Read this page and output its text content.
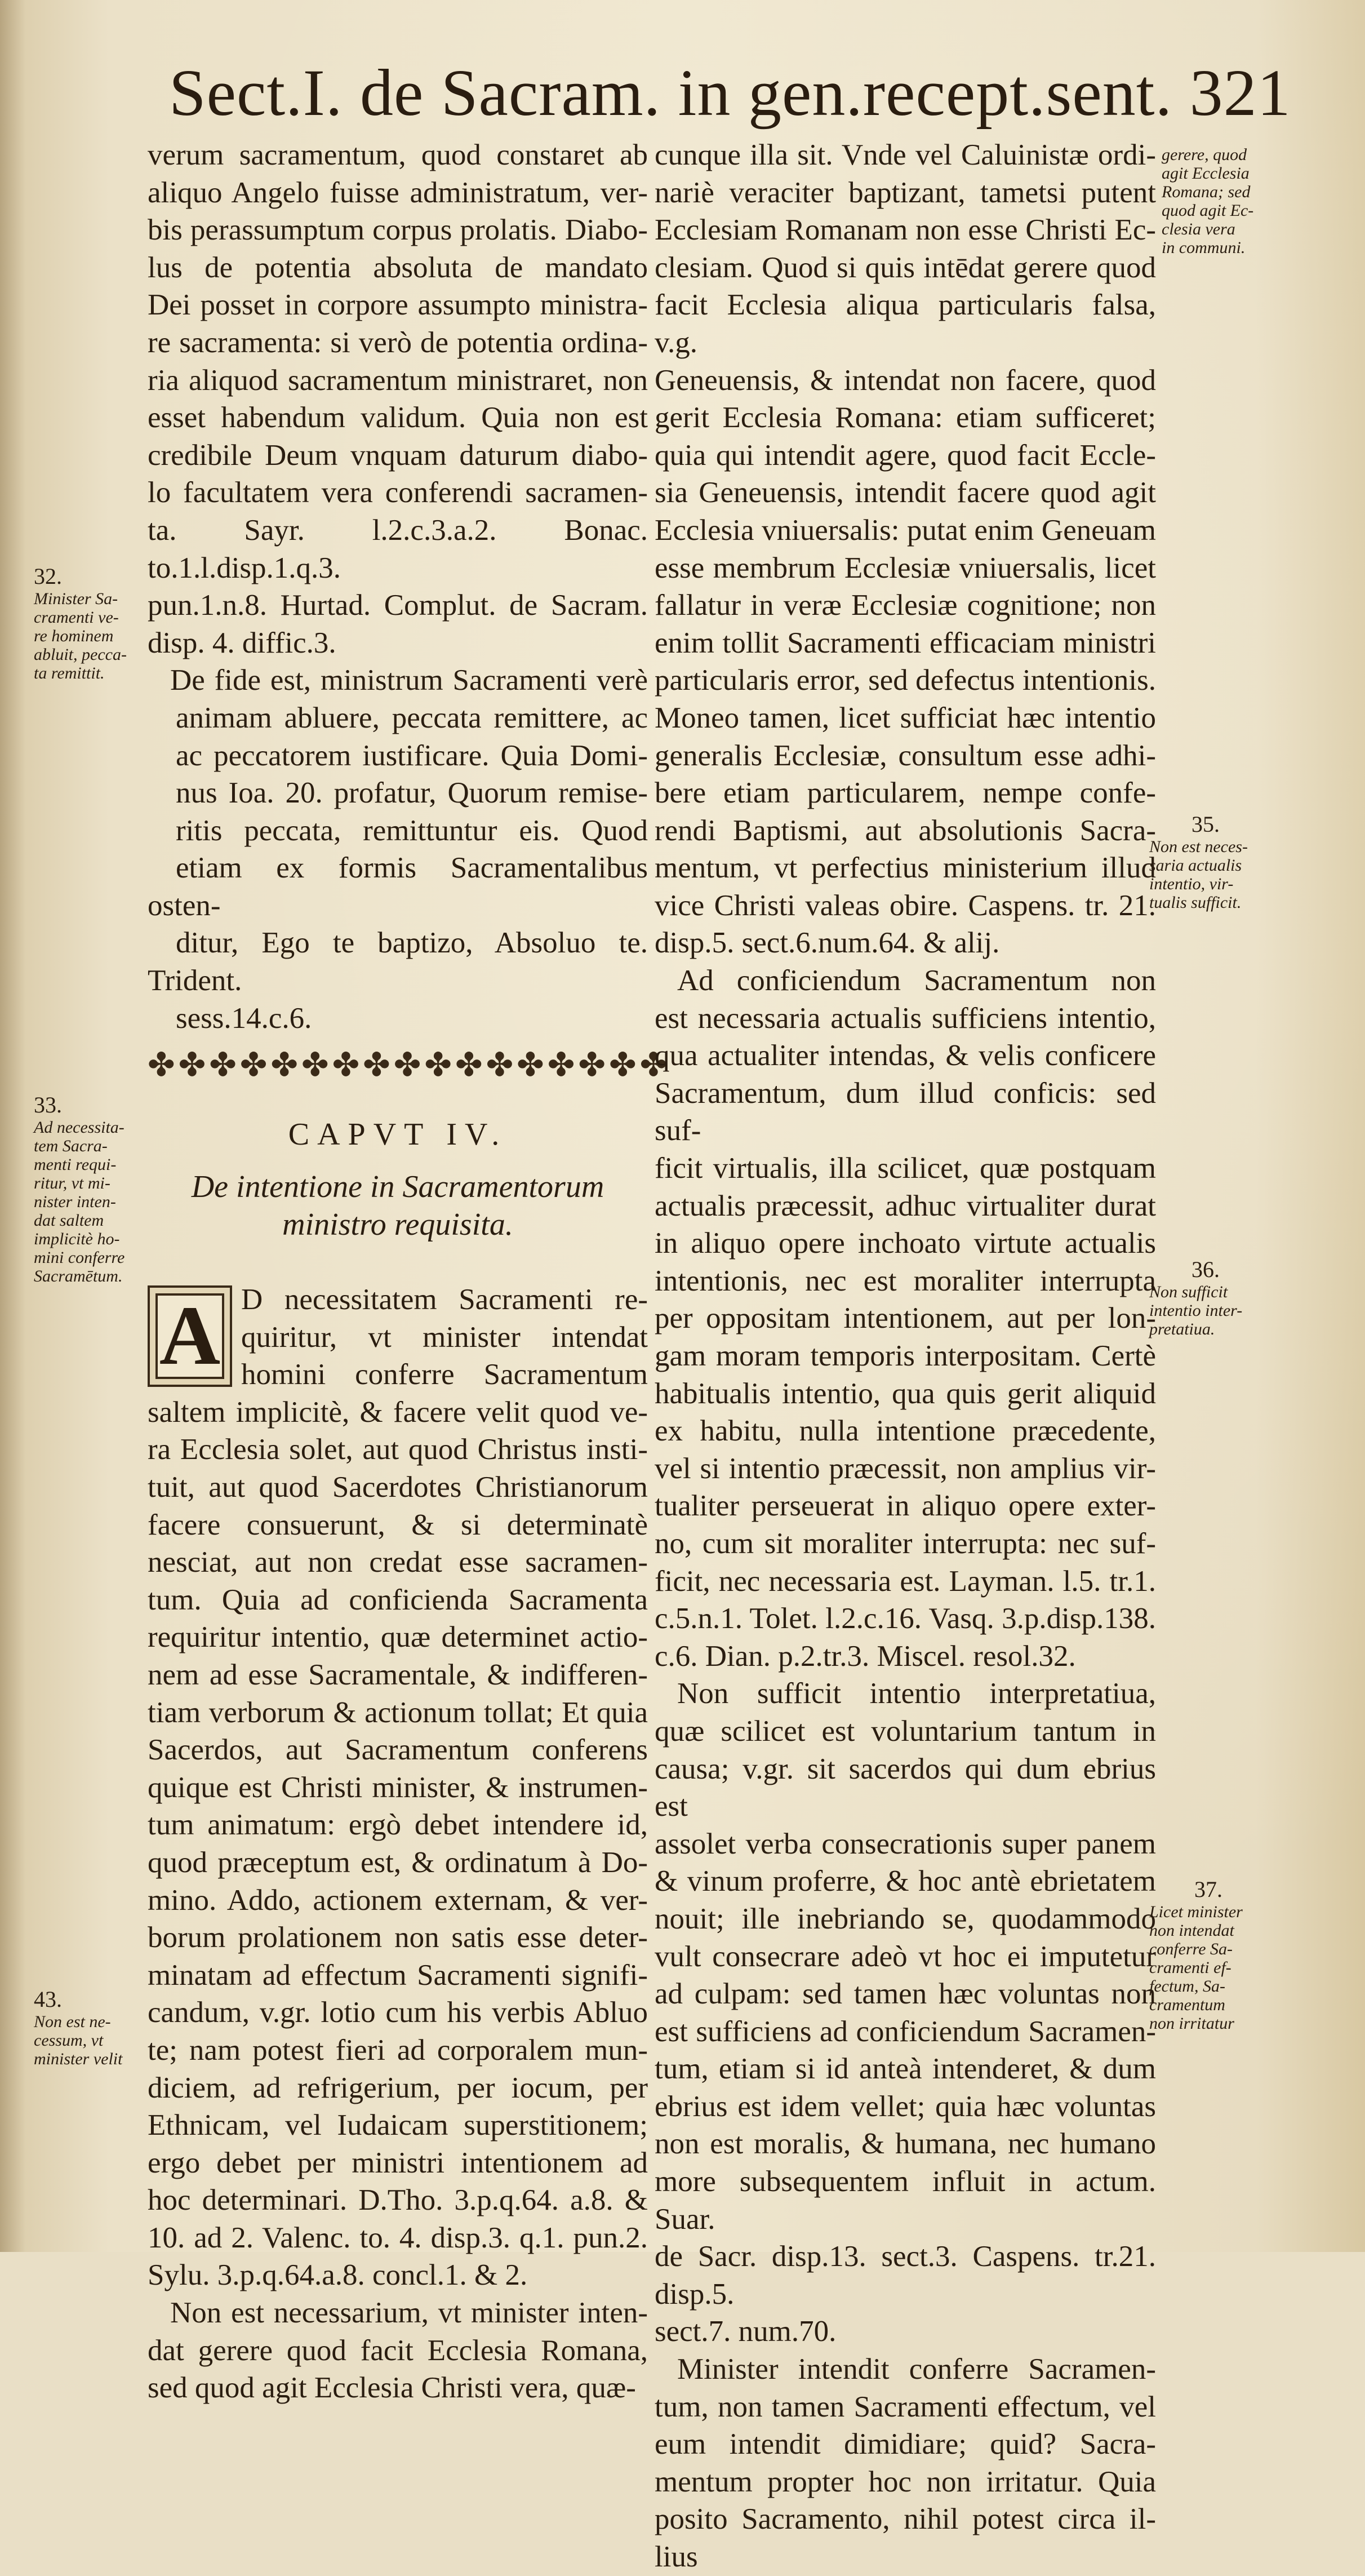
Sect.I. de Sacram. in gen.recept.sent. 321
verum sacramentum, quod constaret ab
aliquo Angelo fuisse administratum, ver-
bis perassumptum corpus prolatis. Diabo-
lus de potentia absoluta de mandato
Dei posset in corpore assumpto ministra-
re sacramenta: si verò de potentia ordina-
ria aliquod sacramentum ministraret, non
esset habendum validum. Quia non est
credibile Deum vnquam daturum diabo-
lo facultatem vera conferendi sacramen-
ta. Sayr. l.2.c.3.a.2. Bonac. to.1.l.disp.1.q.3.
pun.1.n.8. Hurtad. Complut. de Sacram.
disp. 4. diffic.3.
De fide est, ministrum Sacramenti verè
animam abluere, peccata remittere, ac
ac peccatorem iustificare. Quia Domi-
nus Ioa. 20. profatur, Quorum remise-
ritis peccata, remittuntur eis. Quod
etiam ex formis Sacramentalibus osten-
ditur, Ego te baptizo, Absoluo te. Trident.
sess.14.c.6.
✤✤✤✤✤✤✤✤✤✤✤✤✤✤✤✤✤
CAPVT IV.
De intentione in Sacramentorum
ministro requisita.
A D necessitatem Sacramenti re-
quiritur, vt minister intendat
homini conferre Sacramentum
saltem implicitè, & facere velit quod ve-
ra Ecclesia solet, aut quod Christus insti-
tuit, aut quod Sacerdotes Christianorum
facere consuerunt, & si determinatè
nesciat, aut non credat esse sacramen-
tum. Quia ad conficienda Sacramenta
requiritur intentio, quæ determinet actio-
nem ad esse Sacramentale, & indifferen-
tiam verborum & actionum tollat; Et quia
Sacerdos, aut Sacramentum conferens
quique est Christi minister, & instrumen-
tum animatum: ergò debet intendere id,
quod præceptum est, & ordinatum à Do-
mino. Addo, actionem externam, & ver-
borum prolationem non satis esse deter-
minatam ad effectum Sacramenti signifi-
candum, v.gr. lotio cum his verbis Abluo
te; nam potest fieri ad corporalem mun-
diciem, ad refrigerium, per iocum, per
Ethnicam, vel Iudaicam superstitionem;
ergo debet per ministri intentionem ad
hoc determinari. D.Tho. 3.p.q.64. a.8. &
10. ad 2. Valenc. to. 4. disp.3. q.1. pun.2.
Sylu. 3.p.q.64.a.8. concl.1. & 2.
Non est necessarium, vt minister inten-
dat gerere quod facit Ecclesia Romana,
sed quod agit Ecclesia Christi vera, quæ-
cunque illa sit. Vnde vel Caluinistæ ordi-
nariè veraciter baptizant, tametsi putent
Ecclesiam Romanam non esse Christi Ec-
clesiam. Quod si quis intēdat gerere quod
facit Ecclesia aliqua particularis falsa, v.g.
Geneuensis, & intendat non facere, quod
gerit Ecclesia Romana: etiam sufficeret;
quia qui intendit agere, quod facit Eccle-
sia Geneuensis, intendit facere quod agit
Ecclesia vniuersalis: putat enim Geneuam
esse membrum Ecclesiæ vniuersalis, licet
fallatur in veræ Ecclesiæ cognitione; non
enim tollit Sacramenti efficaciam ministri
particularis error, sed defectus intentionis.
Moneo tamen, licet sufficiat hæc intentio
generalis Ecclesiæ, consultum esse adhi-
bere etiam particularem, nempe confe-
rendi Baptismi, aut absolutionis Sacra-
mentum, vt perfectius ministerium illud
vice Christi valeas obire. Caspens. tr. 21.
disp.5. sect.6.num.64. & alij.
Ad conficiendum Sacramentum non
est necessaria actualis sufficiens intentio,
qua actualiter intendas, & velis conficere
Sacramentum, dum illud conficis: sed suf-
ficit virtualis, illa scilicet, quæ postquam
actualis præcessit, adhuc virtualiter durat
in aliquo opere inchoato virtute actualis
intentionis, nec est moraliter interrupta
per oppositam intentionem, aut per lon-
gam moram temporis interpositam. Certè
habitualis intentio, qua quis gerit aliquid
ex habitu, nulla intentione præcedente,
vel si intentio præcessit, non amplius vir-
tualiter perseuerat in aliquo opere exter-
no, cum sit moraliter interrupta: nec suf-
ficit, nec necessaria est. Layman. l.5. tr.1.
c.5.n.1. Tolet. l.2.c.16. Vasq. 3.p.disp.138.
c.6. Dian. p.2.tr.3. Miscel. resol.32.
Non sufficit intentio interpretatiua,
quæ scilicet est voluntarium tantum in
causa; v.gr. sit sacerdos qui dum ebrius est
assolet verba consecrationis super panem
& vinum proferre, & hoc antè ebrietatem
nouit; ille inebriando se, quodammodo
vult consecrare adeò vt hoc ei imputetur
ad culpam: sed tamen hæc voluntas non
est sufficiens ad conficiendum Sacramen-
tum, etiam si id anteà intenderet, & dum
ebrius est idem vellet; quia hæc voluntas
non est moralis, & humana, nec humano
more subsequentem influit in actum. Suar.
de Sacr. disp.13. sect.3. Caspens. tr.21. disp.5.
sect.7. num.70.
Minister intendit conferre Sacramen-
tum, non tamen Sacramenti effectum, vel
eum intendit dimidiare; quid? Sacra-
mentum propter hoc non irritatur. Quia
posito Sacramento, nihil potest circa il-
lius
32.
Minister Sa-
cramenti ve-
re hominem
abluit, pecca-
ta remittit.
33.
Ad necessita-
tem Sacra-
menti requi-
ritur, vt mi-
nister inten-
dat saltem
implicitè ho-
mini conferre
Sacramētum.
43.
Non est ne-
cessum, vt
minister velit
gerere, quod
agit Ecclesia
Romana; sed
quod agit Ec-
clesia vera
in communi.
35.
Non est neces-
saria actualis
intentio, vir-
tualis sufficit.
36.
Non sufficit
intentio inter-
pretatiua.
37.
Licet minister
non intendat
conferre Sa-
cramenti ef-
fectum, Sa-
cramentum
non irritatur
